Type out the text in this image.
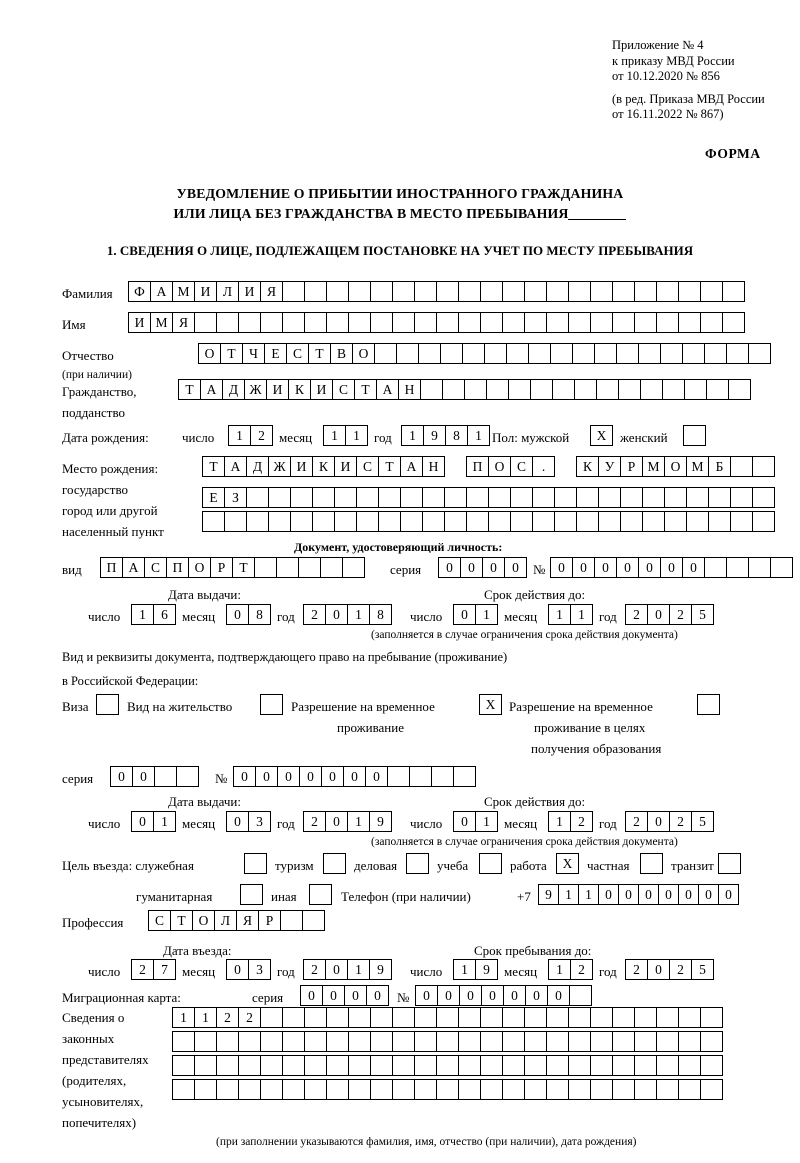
Приложение № 4
к приказу МВД России
от 10.12.2020 № 856
(в ред. Приказа МВД России
от 16.11.2022 № 867)
ФОРМА
УВЕДОМЛЕНИЕ О ПРИБЫТИИ ИНОСТРАННОГО ГРАЖДАНИНА
ИЛИ ЛИЦА БЕЗ ГРАЖДАНСТВА В МЕСТО ПРЕБЫВАНИЯ
1. СВЕДЕНИЯ О ЛИЦЕ, ПОДЛЕЖАЩЕМ ПОСТАНОВКЕ НА УЧЕТ ПО МЕСТУ ПРЕБЫВАНИЯ
Фамилия	Ф А М И Л И Я
Имя	И М Я
Отчество
(при наличии)
О Т Ч Е С Т В О
Гражданство,
подданство
Т А Д Ж И К И С Т А Н
Дата рождения:	число	1	2	месяц	1	1	год	1	9	8	1 Пол: мужской	X	женский
Место рождения:
государство
город или другой
населенный пункт
Т А Д Ж И К И С Т А Н	П О С	.	К У Р М О М Б
Е	З
Документ, удостоверяющий личность:
вид	П А С П О Р	Т	серия	0	0	0	0	№ 0	0	0	0	0	0	0
Дата выдачи:	Срок действия до:
число	1	6	месяц	0	8	год	2	0	1	8	число	0	1	месяц	1	1	год	2	0	2	5
(заполняется в случае ограничения срока действия документа)
Вид и реквизиты документа, подтверждающего право на пребывание (проживание)
в Российской Федерации:
Виза	Вид на жительство	Разрешение на временное
проживание
X	Разрешение на временное
проживание в целях
получения образования
серия	0	0	№	0	0	0	0	0	0	0
Дата выдачи:	Срок действия до:
число	0	1	месяц	0	3	год	2	0	1	9	число	0	1	месяц	1	2	год	2	0	2	5
(заполняется в случае ограничения срока действия документа)
Цель въезда: служебная	туризм	деловая	учеба	работа	X	частная	транзит
гуманитарная	иная	Телефон (при наличии)	+7	9 1 1 0 0 0 0 0 0 0
Профессия	С Т О Л Я	Р
Дата въезда:	Срок пребывания до:
число	2	7	месяц	0	3	год	2	0	1	9	число	1	9	месяц	1	2	год	2	0	2	5
Миграционная карта:	серия	0	0	0	0	№	0	0	0	0	0	0	0
Сведения о
законных
представителях
(родителях,
усыновителях,
попечителях)
1	1	2	2
(при заполнении указываются фамилия, имя, отчество (при наличии), дата рождения)
